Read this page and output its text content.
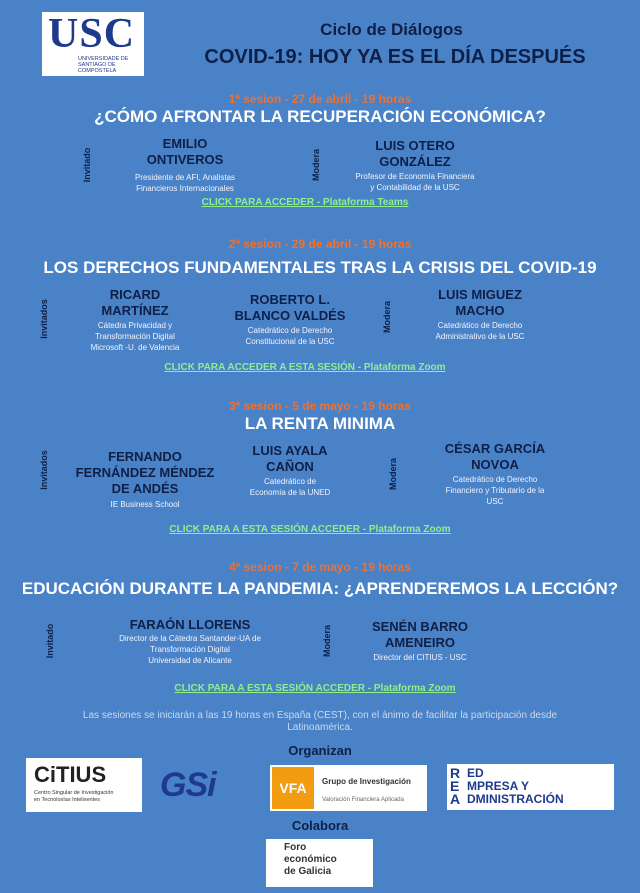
USC
UNIVERSIDADE DE SANTIAGO DE COMPOSTELA
Ciclo de Diálogos
COVID-19: HOY YA ES EL DÍA DESPUÉS
1ª sesion - 27 de abril - 19 horas
¿CÓMO AFRONTAR LA RECUPERACIÓN ECONÓMICA?
Invitado
EMILIO
ONTIVEROS
Presidente de AFI, Analistas
Financieros Internacionales
Modera
LUIS OTERO
GONZÁLEZ
Profesor de Economía Financiera
y Contabilidad de la USC
CLICK PARA ACCEDER - Plataforma Teams
2ª sesion - 29 de abril - 19 horas
LOS DERECHOS FUNDAMENTALES TRAS LA CRISIS DEL COVID-19
Invitados
RICARD
MARTÍNEZ
Cátedra Privacidad y
Transformación Digital
Microsoft -U. de Valencia
ROBERTO L.
BLANCO VALDÉS
Catedrático de Derecho
Constitucional de la USC
Modera
LUIS MIGUEZ
MACHO
Catedrático de Derecho
Administrativo de la USC
CLICK PARA ACCEDER A ESTA SESIÓN - Plataforma Zoom
3ª sesion - 5 de mayo - 19 horas
LA RENTA MINIMA
Invitados	FERNANDO
FERNÁNDEZ MÉNDEZ
DE ANDÉS
IE Business School
LUIS AYALA
CAÑON
Catedrático de
Economía de la UNED
Modera
CÉSAR GARCÍA
NOVOA
Catedrático de Derecho
Financiero y Tributario de la
USC
CLICK PARA A ESTA SESIÓN ACCEDER - Plataforma Zoom
4ª sesion - 7 de mayo - 19 horas
EDUCACIÓN DURANTE LA PANDEMIA: ¿APRENDEREMOS LA LECCIÓN?
Invitado	FARAÓN LLORENS
Director de la Cátedra Santander-UA de
Transformación Digital
Universidad de Alicante
Modera	SENÉN BARRO
AMENEIRO
Director del CITIUS - USC
CLICK PARA A ESTA SESIÓN ACCEDER - Plataforma Zoom
Las sesiones se iniciarán a las 19 horas en España (CEST), con el ánimo de facilitar la participación desde Latinoamérica.
Organizan
CiTIUS
Centro Singular de Investigación
en Tecnoloxías Intelixentes	GSi	VFA	Grupo de Investigación
Valoración Financiera Aplicada
R
E
A
ED
MPRESA Y
DMINISTRACIÓN
Colabora
Foro
económico
de Galicia
